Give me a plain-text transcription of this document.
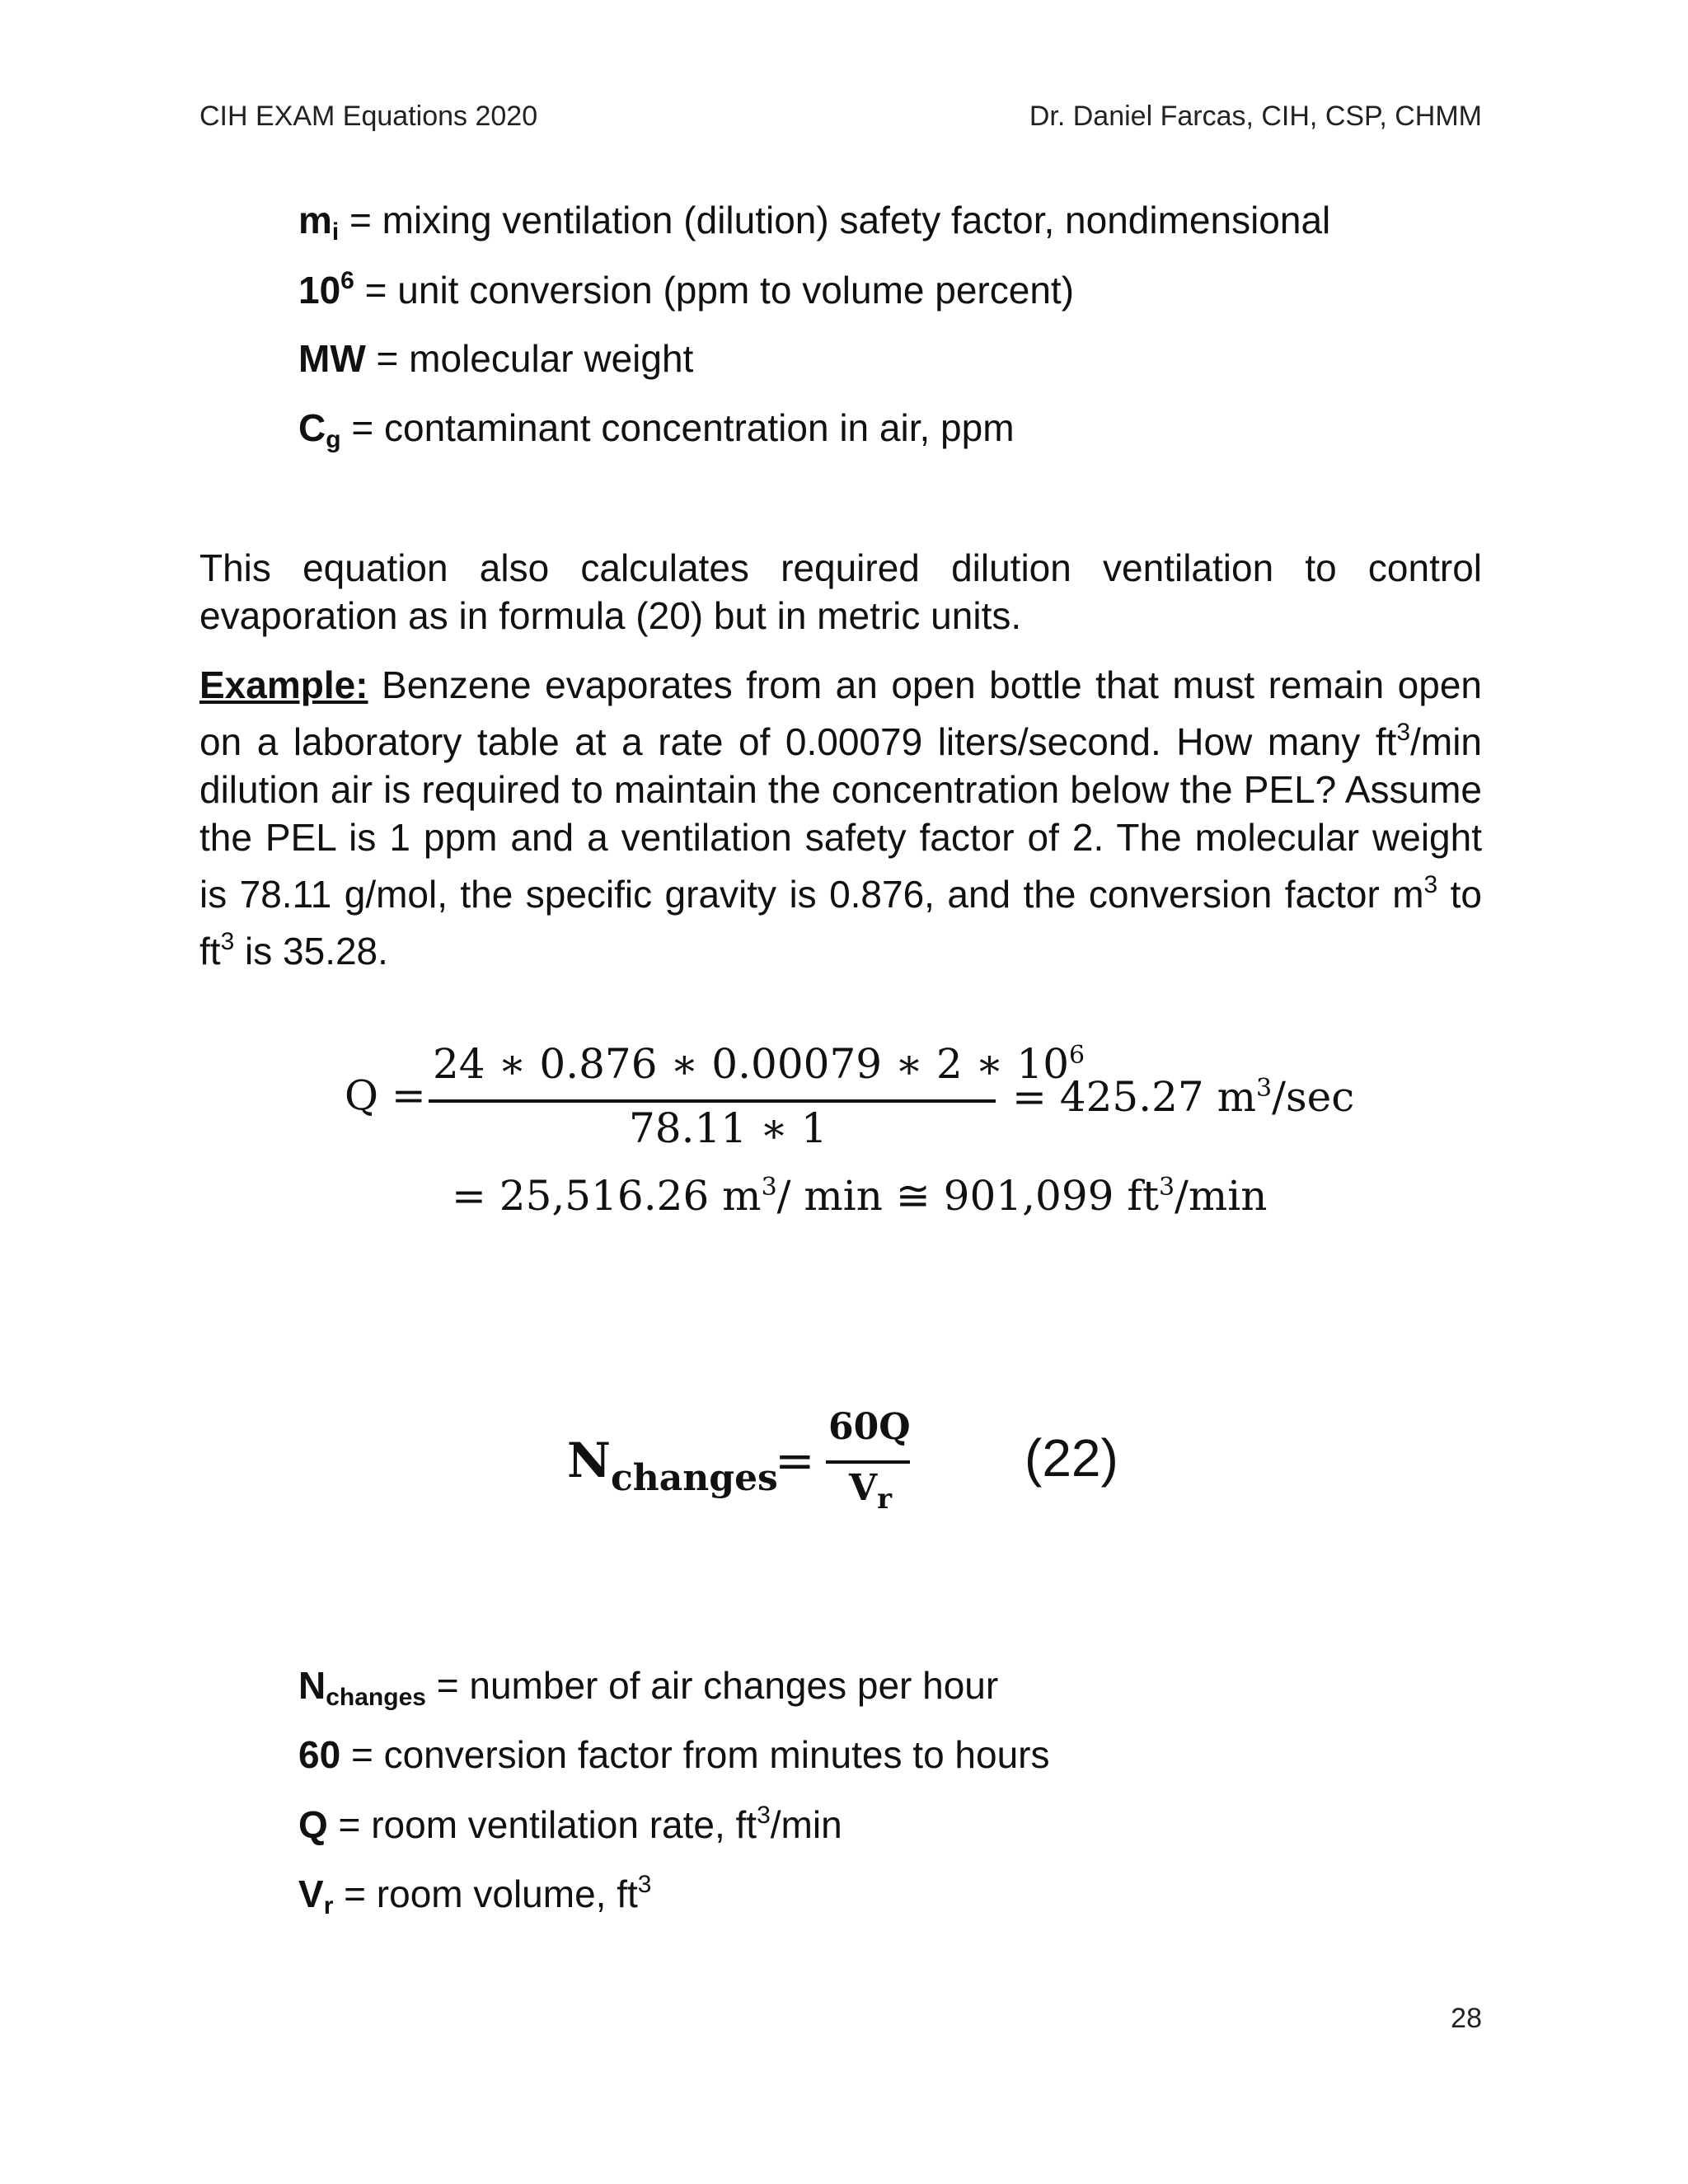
CIH EXAM Equations 2020	Dr. Daniel Farcas, CIH, CSP, CHMM
$m_i$ = mixing ventilation (dilution) safety factor, nondimensional
$10^6$ = unit conversion (ppm to volume percent)
MW = molecular weight
$C_g$ = contaminant concentration in air, ppm
This equation also calculates required dilution ventilation to control evaporation as in formula (20) but in metric units.
Example: Benzene evaporates from an open bottle that must remain open on a laboratory table at a rate of 0.00079 liters/second. How many $ft^3/\min$ dilution air is required to maintain the concentration below the PEL? Assume the PEL is 1 ppm and a ventilation safety factor of 2. The molecular weight is 78.11 g/mol, the specific gravity is 0.876, and the conversion factor $m^3$ to $ft^3$ is 35.28.
Q =
24 ∗ 0.876 ∗ 0.00079 ∗ 2 ∗ $10^6$
78.11 ∗ 1
= 425.27 $m^3/\sec$
= 25,516.26 $m^3/$ min ≅ 901,099 $ft^3/\min$
$N_{changes}$
=
60Q
$V_r$
(22)
$N_{changes}$ = number of air changes per hour
60 = conversion factor from minutes to hours
Q = room ventilation rate, $ft^3/\min$
$V_r$ = room volume, $ft^3$
28
